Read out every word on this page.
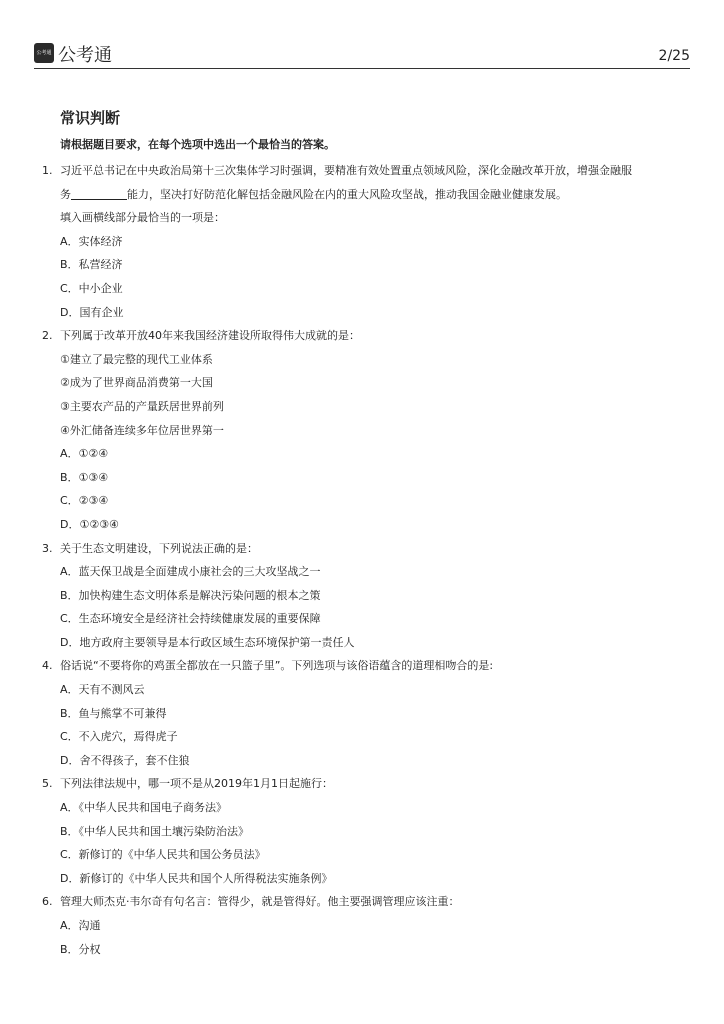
公考通 公考通	2/25
常识判断
请根据题目要求，在每个选项中选出一个最恰当的答案。
1. 习近平总书记在中央政治局第十三次集体学习时强调，要精准有效处置重点领域风险，深化金融改革开放，增强金融服
务	能力，坚决打好防范化解包括金融风险在内的重大风险攻坚战，推动我国金融业健康发展。
填入画横线部分最恰当的一项是：
A．实体经济
B．私营经济
C．中小企业
D．国有企业
2. 下列属于改革开放40年来我国经济建设所取得伟大成就的是：
①建立了最完整的现代工业体系
②成为了世界商品消费第一大国
③主要农产品的产量跃居世界前列
④外汇储备连续多年位居世界第一
A．①②④
B．①③④
C．②③④
D．①②③④
3. 关于生态文明建设，下列说法正确的是：
A．蓝天保卫战是全面建成小康社会的三大攻坚战之一
B．加快构建生态文明体系是解决污染问题的根本之策
C．生态环境安全是经济社会持续健康发展的重要保障
D．地方政府主要领导是本行政区域生态环境保护第一责任人
4. 俗话说“不要将你的鸡蛋全都放在一只篮子里”。下列选项与该俗语蕴含的道理相吻合的是:
A．天有不测风云
B．鱼与熊掌不可兼得
C．不入虎穴，焉得虎子
D．舍不得孩子，套不住狼
5. 下列法律法规中，哪一项不是从2019年1月1日起施行：
A．《中华人民共和国电子商务法》
B．《中华人民共和国土壤污染防治法》
C．新修订的《中华人民共和国公务员法》
D．新修订的《中华人民共和国个人所得税法实施条例》
6. 管理大师杰克·韦尔奇有句名言：管得少，就是管得好。他主要强调管理应该注重：
A．沟通
B．分权
